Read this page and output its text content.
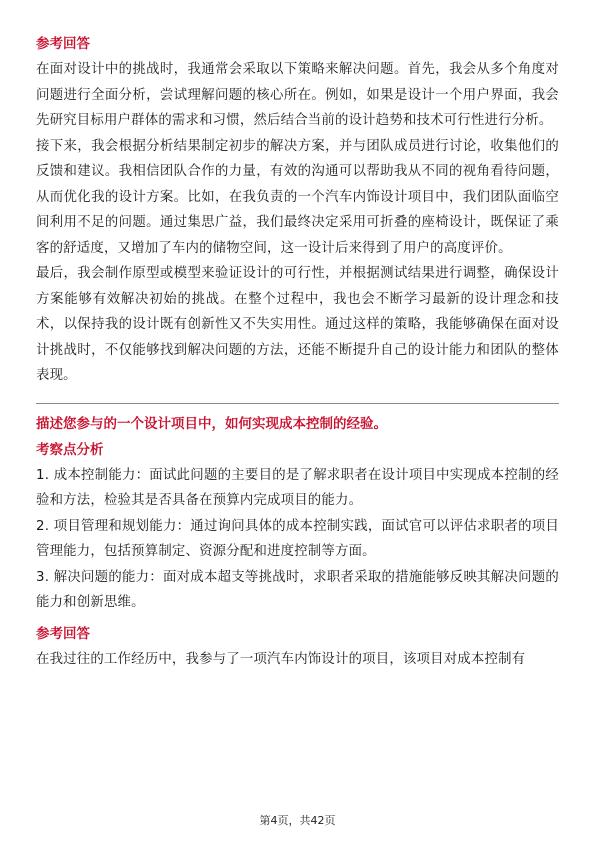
参考回答

在面对设计中的挑战时，我通常会采取以下策略来解决问题。首先，我会从多个角度对问题进行全面分析，尝试理解问题的核心所在。例如，如果是设计一个用户界面，我会先研究目标用户群体的需求和习惯，然后结合当前的设计趋势和技术可行性进行分析。

接下来，我会根据分析结果制定初步的解决方案，并与团队成员进行讨论，收集他们的反馈和建议。我相信团队合作的力量，有效的沟通可以帮助我从不同的视角看待问题，从而优化我的设计方案。比如，在我负责的一个汽车内饰设计项目中，我们团队面临空间利用不足的问题。通过集思广益，我们最终决定采用可折叠的座椅设计，既保证了乘客的舒适度，又增加了车内的储物空间，这一设计后来得到了用户的高度评价。

最后，我会制作原型或模型来验证设计的可行性，并根据测试结果进行调整，确保设计方案能够有效解决初始的挑战。在整个过程中，我也会不断学习最新的设计理念和技术，以保持我的设计既有创新性又不失实用性。通过这样的策略，我能够确保在面对设计挑战时，不仅能够找到解决问题的方法，还能不断提升自己的设计能力和团队的整体表现。

描述您参与的一个设计项目中，如何实现成本控制的经验。
考察点分析
1. 成本控制能力：面试此问题的主要目的是了解求职者在设计项目中实现成本控制的经验和方法，检验其是否具备在预算内完成项目的能力。
2. 项目管理和规划能力：通过询问具体的成本控制实践，面试官可以评估求职者的项目管理能力，包括预算制定、资源分配和进度控制等方面。
3. 解决问题的能力：面对成本超支等挑战时，求职者采取的措施能够反映其解决问题的能力和创新思维。
参考回答

在我过往的工作经历中，我参与了一项汽车内饰设计的项目，该项目对成本控制有

第4页，共42页
